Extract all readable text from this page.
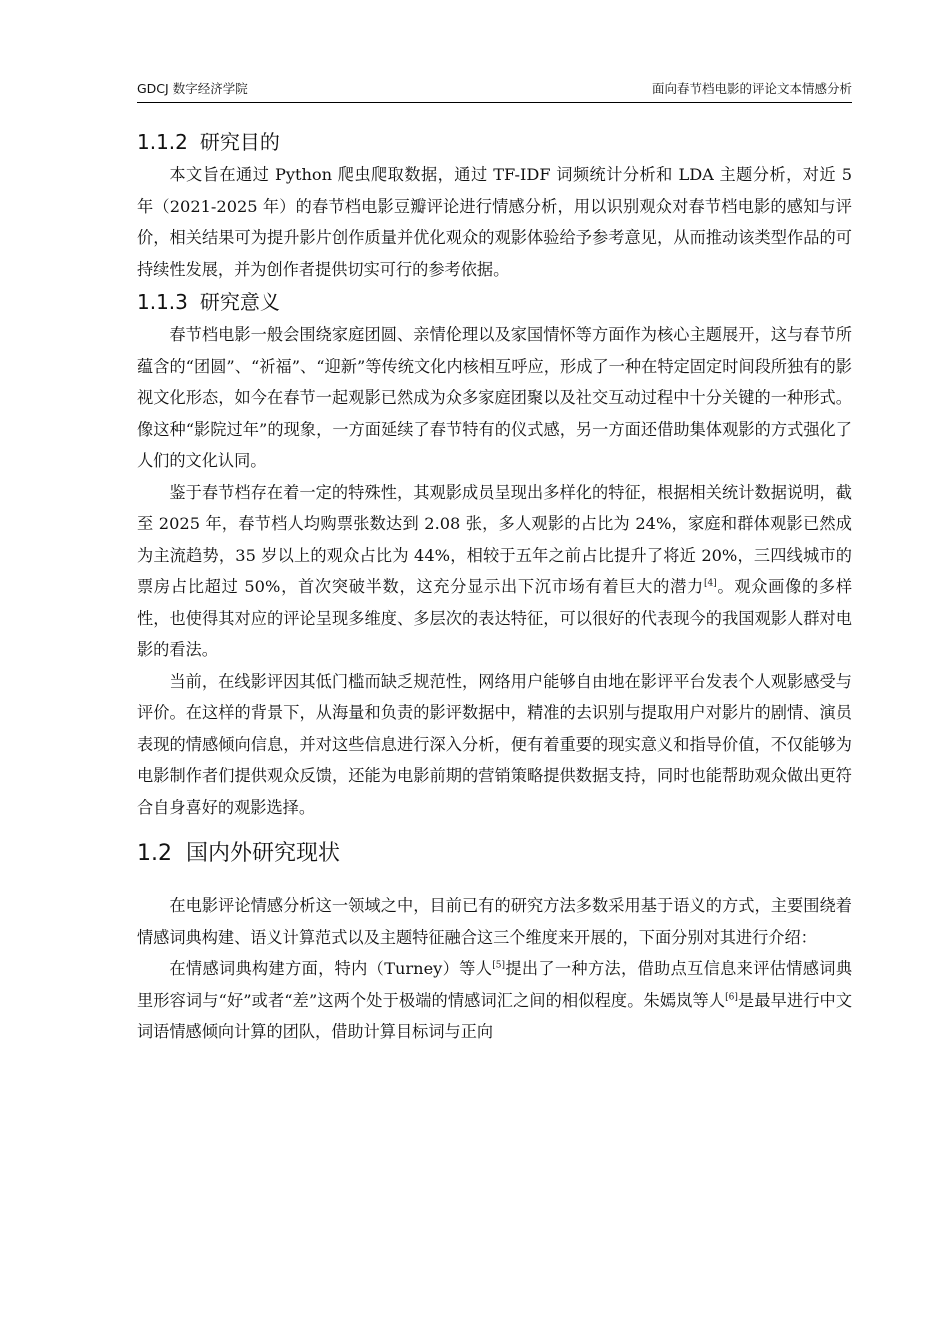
GDCJ 数字经济学院	面向春节档电影的评论文本情感分析
1.1.2 研究目的

本文旨在通过 Python 爬虫爬取数据，通过 TF-IDF 词频统计分析和 LDA 主题分析，对近 5 年（2021-2025 年）的春节档电影豆瓣评论进行情感分析，用以识别观众对春节档电影的感知与评价，相关结果可为提升影片创作质量并优化观众的观影体验给予参考意见，从而推动该类型作品的可持续性发展，并为创作者提供切实可行的参考依据。

1.1.3 研究意义

春节档电影一般会围绕家庭团圆、亲情伦理以及家国情怀等方面作为核心主题展开，这与春节所蕴含的“团圆”、“祈福”、“迎新”等传统文化内核相互呼应，形成了一种在特定固定时间段所独有的影视文化形态，如今在春节一起观影已然成为众多家庭团聚以及社交互动过程中十分关键的一种形式。像这种“影院过年”的现象，一方面延续了春节特有的仪式感，另一方面还借助集体观影的方式强化了人们的文化认同。

鉴于春节档存在着一定的特殊性，其观影成员呈现出多样化的特征，根据相关统计数据说明，截至 2025 年，春节档人均购票张数达到 2.08 张，多人观影的占比为 24%，家庭和群体观影已然成为主流趋势，35 岁以上的观众占比为 44%，相较于五年之前占比提升了将近 20%，三四线城市的票房占比超过 50%，首次突破半数，这充分显示出下沉市场有着巨大的潜力[4]。观众画像的多样性，也使得其对应的评论呈现多维度、多层次的表达特征，可以很好的代表现今的我国观影人群对电影的看法。

当前，在线影评因其低门槛而缺乏规范性，网络用户能够自由地在影评平台发表个人观影感受与评价。在这样的背景下，从海量和负责的影评数据中，精准的去识别与提取用户对影片的剧情、演员表现的情感倾向信息，并对这些信息进行深入分析，便有着重要的现实意义和指导价值，不仅能够为电影制作者们提供观众反馈，还能为电影前期的营销策略提供数据支持，同时也能帮助观众做出更符合自身喜好的观影选择。

1.2 国内外研究现状

在电影评论情感分析这一领域之中，目前已有的研究方法多数采用基于语义的方式，主要围绕着情感词典构建、语义计算范式以及主题特征融合这三个维度来开展的，下面分别对其进行介绍：

在情感词典构建方面，特内（Turney）等人[5]提出了一种方法，借助点互信息来评估情感词典里形容词与“好”或者“差”这两个处于极端的情感词汇之间的相似程度。朱嫣岚等人[6]是最早进行中文词语情感倾向计算的团队，借助计算目标词与正向
